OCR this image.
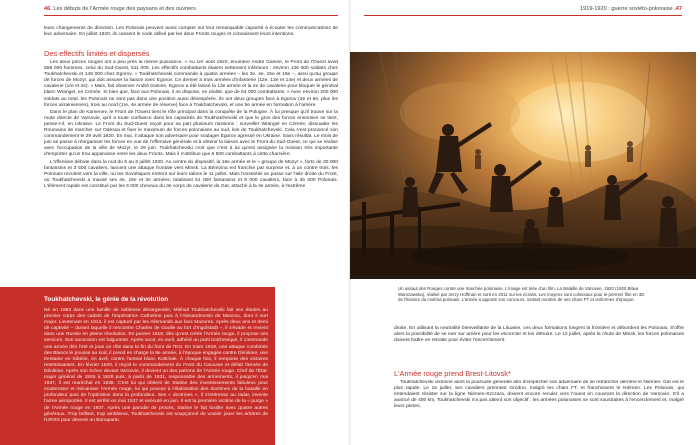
46. Les débuts de l'Armée rouge des paysans et des ouvriers

leurs changements de direction. Les Polonais peuvent aussi compter sur leur remarquable capacité à écouter les communications de leur adversaire. En juillet 1920, ils cassent le code utilisé par les deux Fronts rouges et connaissent leurs intentions.

Des effectifs limités et dispersés

Les deux pinces rouges ont à peu près la même puissance. « Au 1er août 1920, énumère André Ganine, le Front de l'Ouest avait 558 000 hommes, celui du Sud-Ouest, 511 000. Les effectifs combattants étaient nettement inférieurs : environ 136 000 soldats chez Toukhatchevski et 148 000 chez Egorov. » Toukhatchevski commande à quatre armées – les 3e, 4e, 15e et 16e –, ainsi qu'au groupe de forces de Mozyr, qui doit assurer la liaison avec Egorov. Ce dernier a trois armées d'infanterie (12e, 13e et 14e) et deux armées de cavalerie (1re et 2e). « Mais, fait observer André Ganine, Egorov a été laissé la 13e armée et la 2e de cavalerie pour bloquer le général blanc Wrangel, en Crimée. Si bien que, face aux Polonais, il ne dispose, en réalité, que de 64 000 combattants. » Avec environ 200 000 soldats au total, les Polonais ne sont pas dans une position aussi désespérée. Ils ont deux groupes face à Egorov (3e et 6e, plus les forces ukrainiennes), trois au nord (1re, 4e armée de réserve) face à Toukhatchevski, et une 5e armée en formation à l'arrière.

Dans le plan de Kamenev, le Front de l'Ouest tient le rôle principal dans la conquête de la Pologne. À lui presque qu'il trouve sur la route directe de Varsovie, qu'il a toute confiance dans les capacités de Toukhatchevski et que le gros des forces ennemies se tient, pense-t-il, en Ukraine. Le Front du Sud-Ouest reçoit pour sa part plusieurs missions : surveiller Wrangel en Crimée, dissuader les Roumains de marcher sur Odessa et fixer le maximum de forces polonaises au sud, loin de Toukhatchevski. Cela s'est prononcé son commandement le 29 avril 1920. En mai, il attaque son adversaire pour soulager Egorov agressé en Ukraine. Sans résultat. Le mois de juin se passe à réorganiser les forces en vue de l'offensive générale et à obtenir la liaison avec le Front du Sud-Ouest, ce qui se réalise avec l'occupation de la ville de Mozyr, le 29 juin. Toukhatchevski croit que c'est à lui qu'est assignée la mission très importante d'emporter qu'un trou apparaisse entre les deux Fronts. Mais il n'attribue que 6 500 combattants à cette charnière.

L'offensive débute dans la nuit du 5 au 6 juillet 1920. Au centre du dispositif, la 16e armée et le « groupe de Mozyr », forts de 30 000 fantassins et 3 500 cavaliers, lancent une attaque frontale vers Minsk. La Bérézina est franchie par surprise et, à un contre trois, les Polonais reculent vers la ville, où les Soviétiques entrent sur leurs talons le 11 juillet. Mais l'essentiel se passe sur l'aile droite du Front, où Toukhatchevski a massé ses 4e, 15e et 3e armées, totalisant 51 000 fantassins et 9 000 cavaliers, face à 35 000 Polonais. L'élément rapide est constitué par les 6 000 chevaux du 3e corps de cavalerie de Gaï, attaché à la 4e armée, à l'extrême

Toukhatchevski, le génie de la révolution
Né en 1893 dans une famille de noblesse désargentée, Mikhaïl Toukhatchevski fait ses études au premier corps des cadets de l'impératrice Catherine puis à l'Alexandrovski de Moscou, dont il sort major. Lieutenant en 1914, il est capturé par les Allemands aux lacs Mazures. Après deux ans et demi de captivité – durant laquelle il rencontre Charles de Gaulle au fort d'Ingolstadt –, il s'évade et revient dans une Russie en pleine révolution. En janvier 1918, dès qu'est créée l'Armée rouge, il propose ses services. Son ascension est fulgurante. Après avoir, en avril, adhéré au parti bolchevique, il commande une armée dès l'été et joue un rôle dans la fin du front de l'Est. En mars 1919, une attaque combinée des Blancs le pousse au sud, il prend en charge la 8e armée, à l'époque engagée contre Dénikine, une trentaine en Sibérie, en avril, contre l'amiral blanc Koltchak. À chaque fois, il remporte des victoires retentissantes. En février 1920, il reçoit le commandement du Front du Caucase et défait l'armée de Dénikine. Après son échec devant Varsovie, il devient un des patrons de l'Armée rouge. Chef de l'État-major général de 1925 à 1928 puis, à partir de 1931, responsable des armements, il jusqu'en mai 1937, il est maréchal en 1935. C'est lui qui obtient de Staline des investissements fabuleux pour moderniser et mécaniser l'Armée rouge, lui qui pousse à l'élaboration des doctrines de la bataille en profondeur puis de l'opération dans la profondeur. Ses « doctrines », il s'intéresse au radar, invente l'arme aéroportée. Il est arrêté en mai 1937 et exécuté en juin. Il est la première victime de la « purge » de l'Armée rouge en 1937. Après une parodie de procès, Staline le fait fusiller avec quatre autres généraux. Trop brillant, trop ambitieux, Toukhatchevski est soupçonné de vouloir jouer les arbitres de l'URSS pour devenir un Bonaparte.
1919-1920 : guerre soviéto-polonaise .47
Un assaut des Rouges contre une tranchée polonaise. L'image est tirée d'un film, La Bataille de Varsovie, 1920 (1920 Bitwa Warszawska), réalisé par Jerzy Hoffman et sorti en 2011 sur les écrans. Les moyens sont colossaux pour le premier film en 3D de l'histoire du cinéma polonais. L'armée a apporté son concours, sortant nombre de ses chars FT et uniformes d'époque.

droite. En utilisant la neutralité bienveillante de la Lituanie, ces deux formations longent la frontière et débordent les Polonais. S'offre alors la possibilité de se ruer sur arrière pour les encercler et les détruire. Le 12 juillet, après la chute de Minsk, les forces polonaises doivent battre en retraite pour éviter l'encerclement.

L'Armée rouge prend Brest-Litovsk*

Toukhatchevski ordonne alors la poursuite générale afin d'empêcher son adversaire de se retrancher derrière le Niémen. Gaï est le plus rapide. Le 16 juillet, ses cavaliers prennent Grodno, malgré les chars FT, et franchissent le Niémen. Les Polonais, qui entendaient résister sur la ligne Niémen-Szczara, doivent encore reculer vers l'ouest en couvrant la direction de Varsovie. S'il a avancé de 400 km, Toukhatchevski n'a pas atteint son objectif : les armées polonaises se sont soustraites à l'encerclement et, malgré leurs pertes,
